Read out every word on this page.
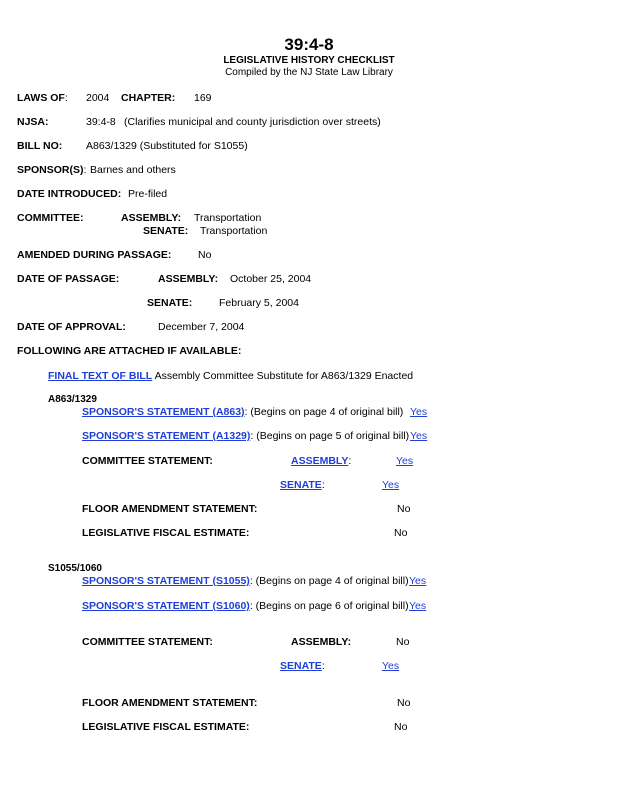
39:4-8
LEGISLATIVE HISTORY CHECKLIST
Compiled by the NJ State Law Library
LAWS OF: 2004 CHAPTER: 169
NJSA:	39:4-8 (Clarifies municipal and county jurisdiction over streets)
BILL NO: A863/1329 (Substituted for S1055)
SPONSOR(S): Barnes and others
DATE INTRODUCED: Pre-filed
COMMITTEE:	ASSEMBLY: Transportation
SENATE: Transportation
AMENDED DURING PASSAGE:	No
DATE OF PASSAGE:	ASSEMBLY: October 25, 2004
SENATE:	February 5, 2004
DATE OF APPROVAL:	December 7, 2004
FOLLOWING ARE ATTACHED IF AVAILABLE:
FINAL TEXT OF BILL Assembly Committee Substitute for A863/1329 Enacted
A863/1329
SPONSOR'S STATEMENT (A863): (Begins on page 4 of original bill) Yes
SPONSOR'S STATEMENT (A1329): (Begins on page 5 of original bill) Yes
COMMITTEE STATEMENT:	ASSEMBLY:	Yes
SENATE:	Yes
FLOOR AMENDMENT STATEMENT:	No
LEGISLATIVE FISCAL ESTIMATE:	No
S1055/1060
SPONSOR'S STATEMENT (S1055): (Begins on page 4 of original bill) Yes
SPONSOR'S STATEMENT (S1060): (Begins on page 6 of original bill) Yes
COMMITTEE STATEMENT:	ASSEMBLY:	No
SENATE:	Yes
FLOOR AMENDMENT STATEMENT:	No
LEGISLATIVE FISCAL ESTIMATE:	No
